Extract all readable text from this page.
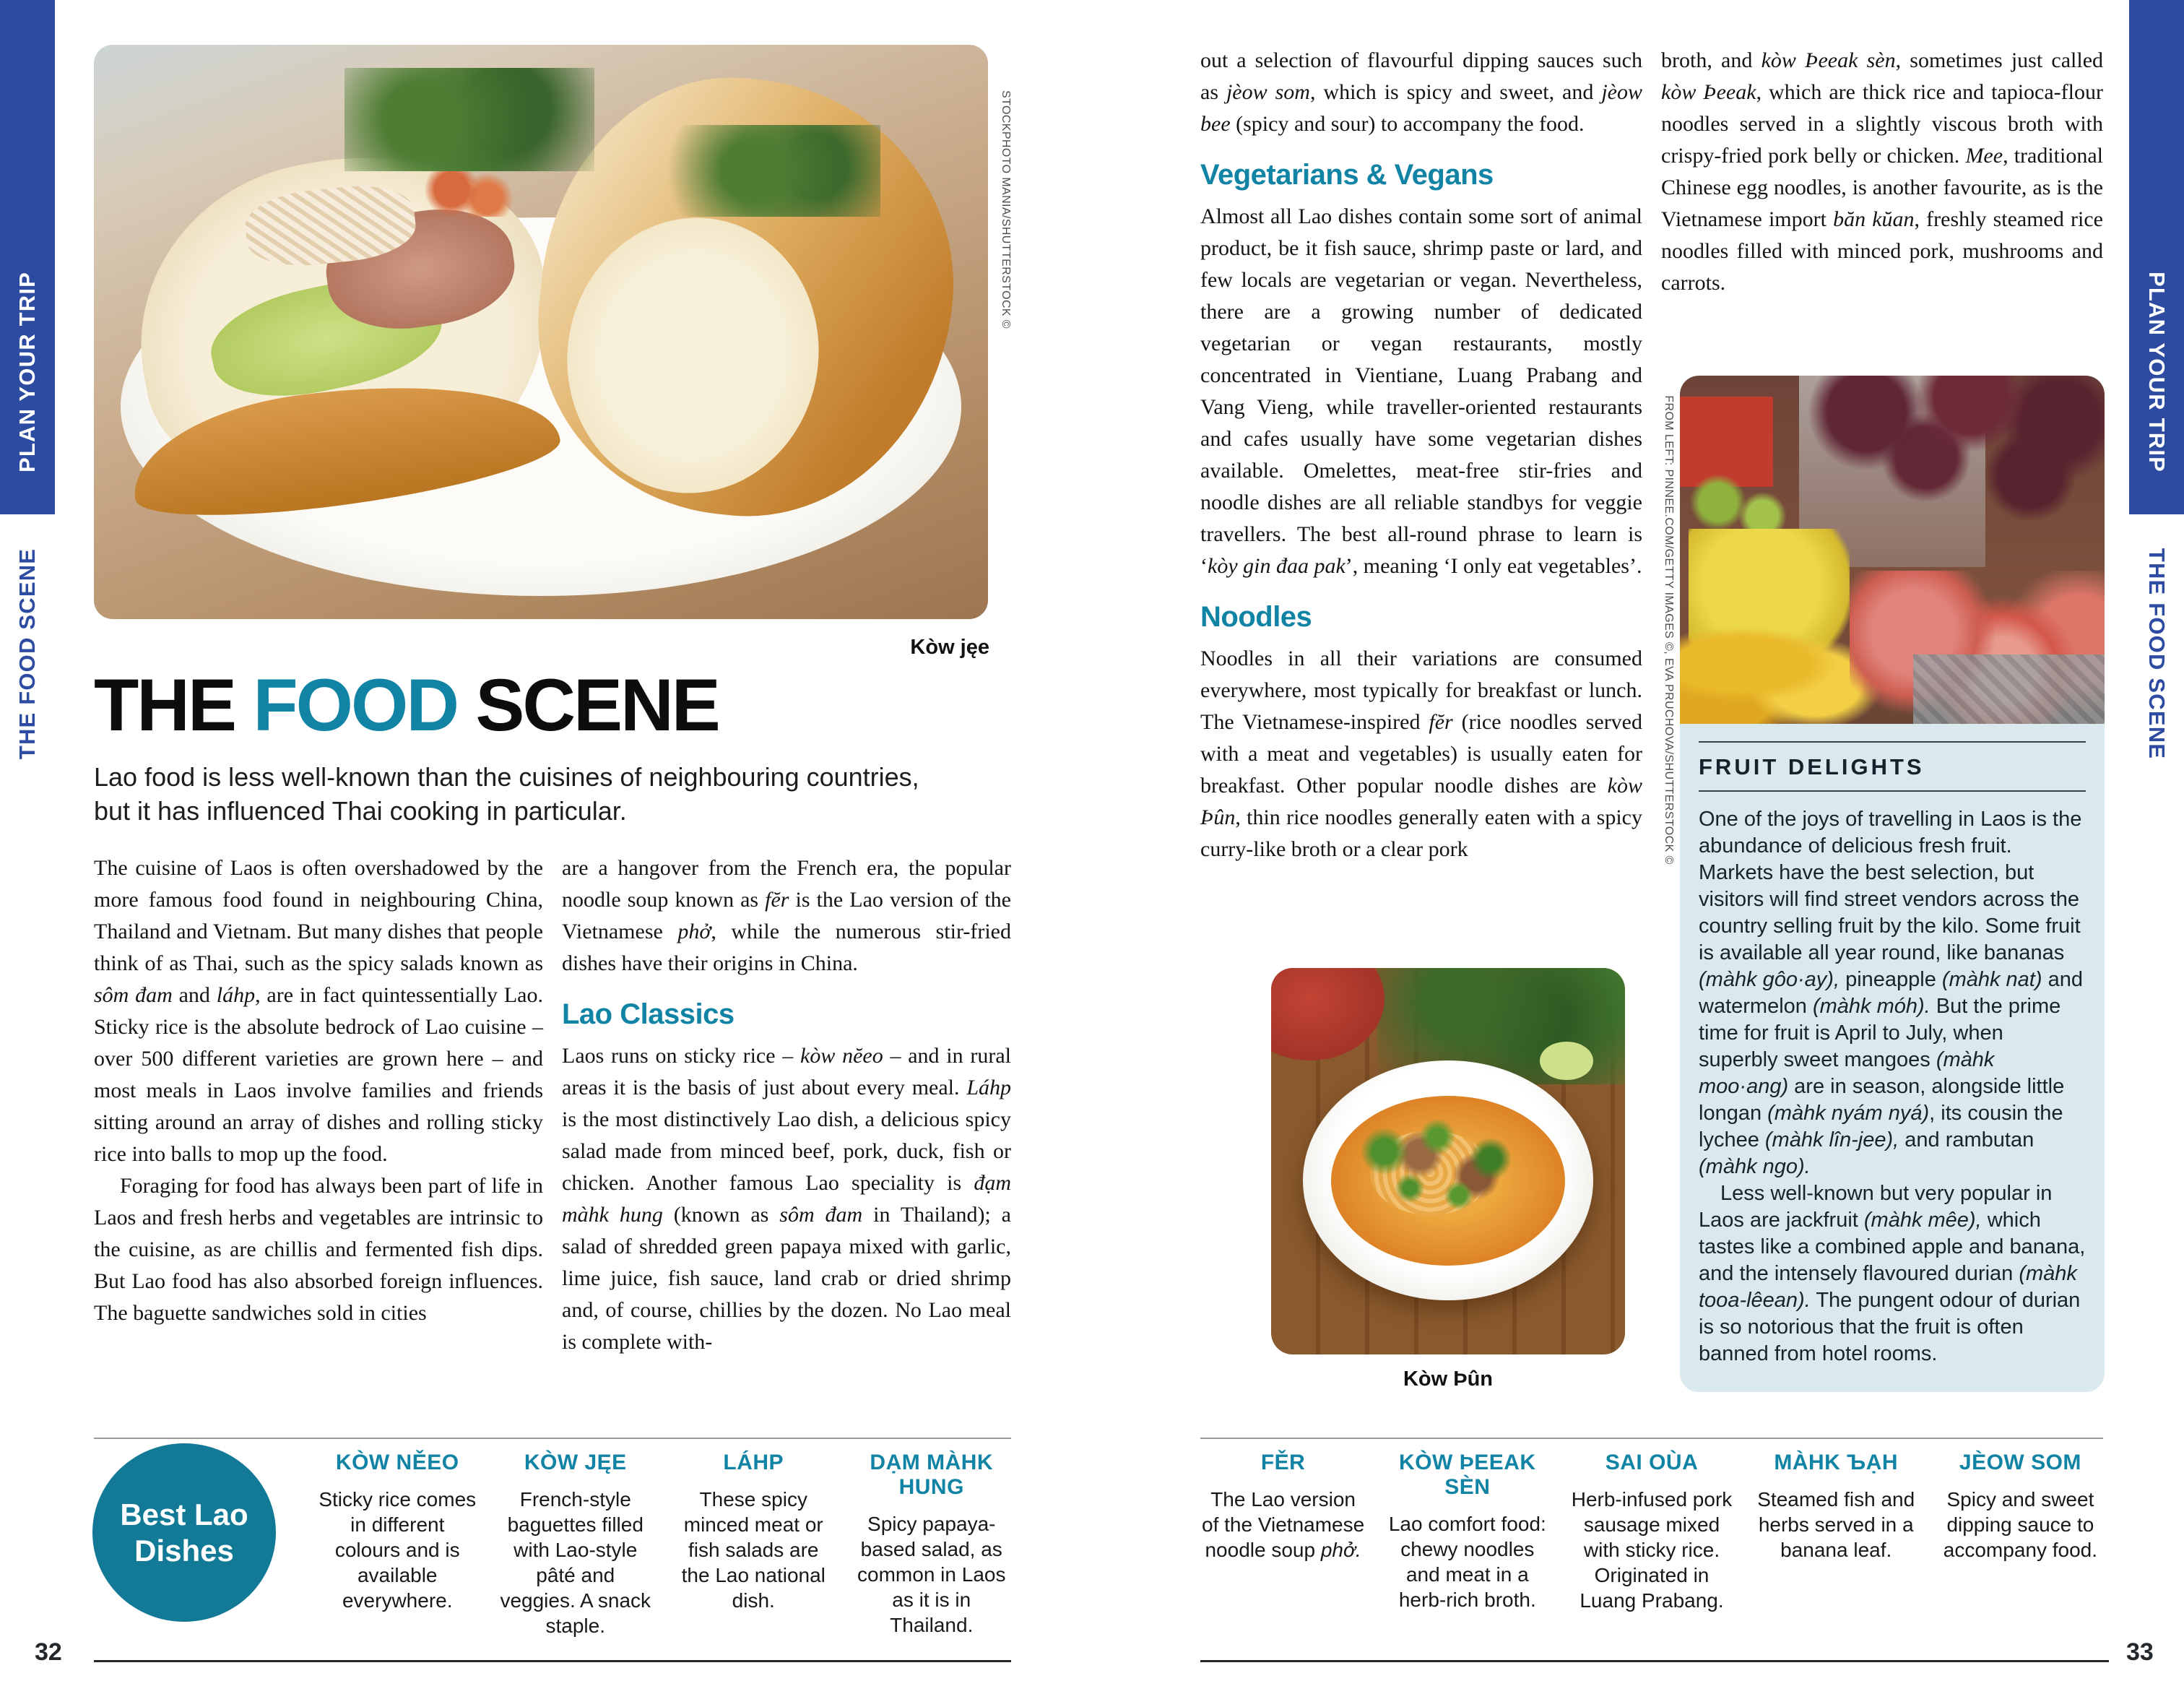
PLAN YOUR TRIP
THE FOOD SCENE
PLAN YOUR TRIP
THE FOOD SCENE
STOCKPHOTO MANIA/SHUTTERSTOCK ©
Kòw jęe
THE FOOD SCENE

Lao food is less well-known than the cuisines of neighbouring countries, but it has influenced Thai cooking in particular.

The cuisine of Laos is often overshadowed by the more famous food found in neighbouring China, Thailand and Vietnam. But many dishes that people think of as Thai, such as the spicy salads known as sôm đam and láhp, are in fact quintessentially Lao. Sticky rice is the absolute bedrock of Lao cuisine – over 500 different varieties are grown here – and most meals in Laos involve families and friends sitting around an array of dishes and rolling sticky rice into balls to mop up the food.

Foraging for food has always been part of life in Laos and fresh herbs and vegetables are intrinsic to the cuisine, as are chillis and fermented fish dips. But Lao food has also absorbed foreign influences. The baguette sandwiches sold in cities

are a hangover from the French era, the popular noodle soup known as fĕr is the Lao version of the Vietnamese phở, while the numerous stir-fried dishes have their origins in China.

Lao Classics

Laos runs on sticky rice – kòw nĕeo – and in rural areas it is the basis of just about every meal. Láhp is the most distinctively Lao dish, a delicious spicy salad made from minced beef, pork, duck, fish or chicken. Another famous Lao speciality is đạm màhk hung (known as sôm đam in Thailand); a salad of shredded green papaya mixed with garlic, lime juice, fish sauce, land crab or dried shrimp and, of course, chillies by the dozen. No Lao meal is complete with-

out a selection of flavourful dipping sauces such as jèow som, which is spicy and sweet, and jèow bee (spicy and sour) to accompany the food.

Vegetarians & Vegans

Almost all Lao dishes contain some sort of animal product, be it fish sauce, shrimp paste or lard, and few locals are vegetarian or vegan. Nevertheless, there are a growing number of dedicated vegetarian or vegan restaurants, mostly concentrated in Vientiane, Luang Prabang and Vang Vieng, while traveller-oriented restaurants and cafes usually have some vegetarian dishes available. Omelettes, meat-free stir-fries and noodle dishes are all reliable standbys for veggie travellers. The best all-round phrase to learn is ‘kòy gin đaa pak’, meaning ‘I only eat vegetables’.

Noodles

Noodles in all their variations are consumed everywhere, most typically for breakfast or lunch. The Vietnamese-inspired fĕr (rice noodles served with a meat and vegetables) is usually eaten for breakfast. Other popular noodle dishes are kòw Þûn, thin rice noodles generally eaten with a spicy curry-like broth or a clear pork

broth, and kòw Þeeak sèn, sometimes just called kòw Þeeak, which are thick rice and tapioca-flour noodles served in a slightly viscous broth with crispy-fried pork belly or chicken. Mee, traditional Chinese egg noodles, is another favourite, as is the Vietnamese import băn kŭan, freshly steamed rice noodles filled with minced pork, mushrooms and carrots.

Kòw Þûn
FRUIT DELIGHTS

One of the joys of travelling in Laos is the abundance of delicious fresh fruit. Markets have the best selection, but visitors will find street vendors across the country selling fruit by the kilo. Some fruit is available all year round, like bananas (màhk gôo·ay), pineapple (màhk nat) and watermelon (màhk móh). But the prime time for fruit is April to July, when superbly sweet mangoes (màhk moo·ang) are in season, alongside little longan (màhk nyám nyá), its cousin the lychee (màhk lîn-jee), and rambutan (màhk ngo).

Less well-known but very popular in Laos are jackfruit (màhk mêe), which tastes like a combined apple and banana, and the intensely flavoured durian (màhk tooa-lêean). The pungent odour of durian is so notorious that the fruit is often banned from hotel rooms.

FROM LEFT: PINNEE.COM/GETTY IMAGES ©, EVA PRUCHOVA/SHUTTERSTOCK ©
Best Lao
Dishes
KÒW NĚEO

Sticky rice comes in different colours and is available everywhere.

KÒW JĘE

French-style baguettes filled with Lao-style pâté and veggies. A snack staple.

LÁHP

These spicy minced meat or fish salads are the Lao national dish.

DẠM MÀHK HUNG

Spicy papaya-based salad, as common in Laos as it is in Thailand.

FĚR

The Lao version of the Vietnamese noodle soup phở.

KÒW ÞEEAK SÈN

Lao comfort food: chewy noodles and meat in a herb-rich broth.

SAI OÙA

Herb-infused pork sausage mixed with sticky rice. Originated in Luang Prabang.

MÀHK ЪẠH

Steamed fish and herbs served in a banana leaf.

JÈOW SOM

Spicy and sweet dipping sauce to accompany food.

32	33
